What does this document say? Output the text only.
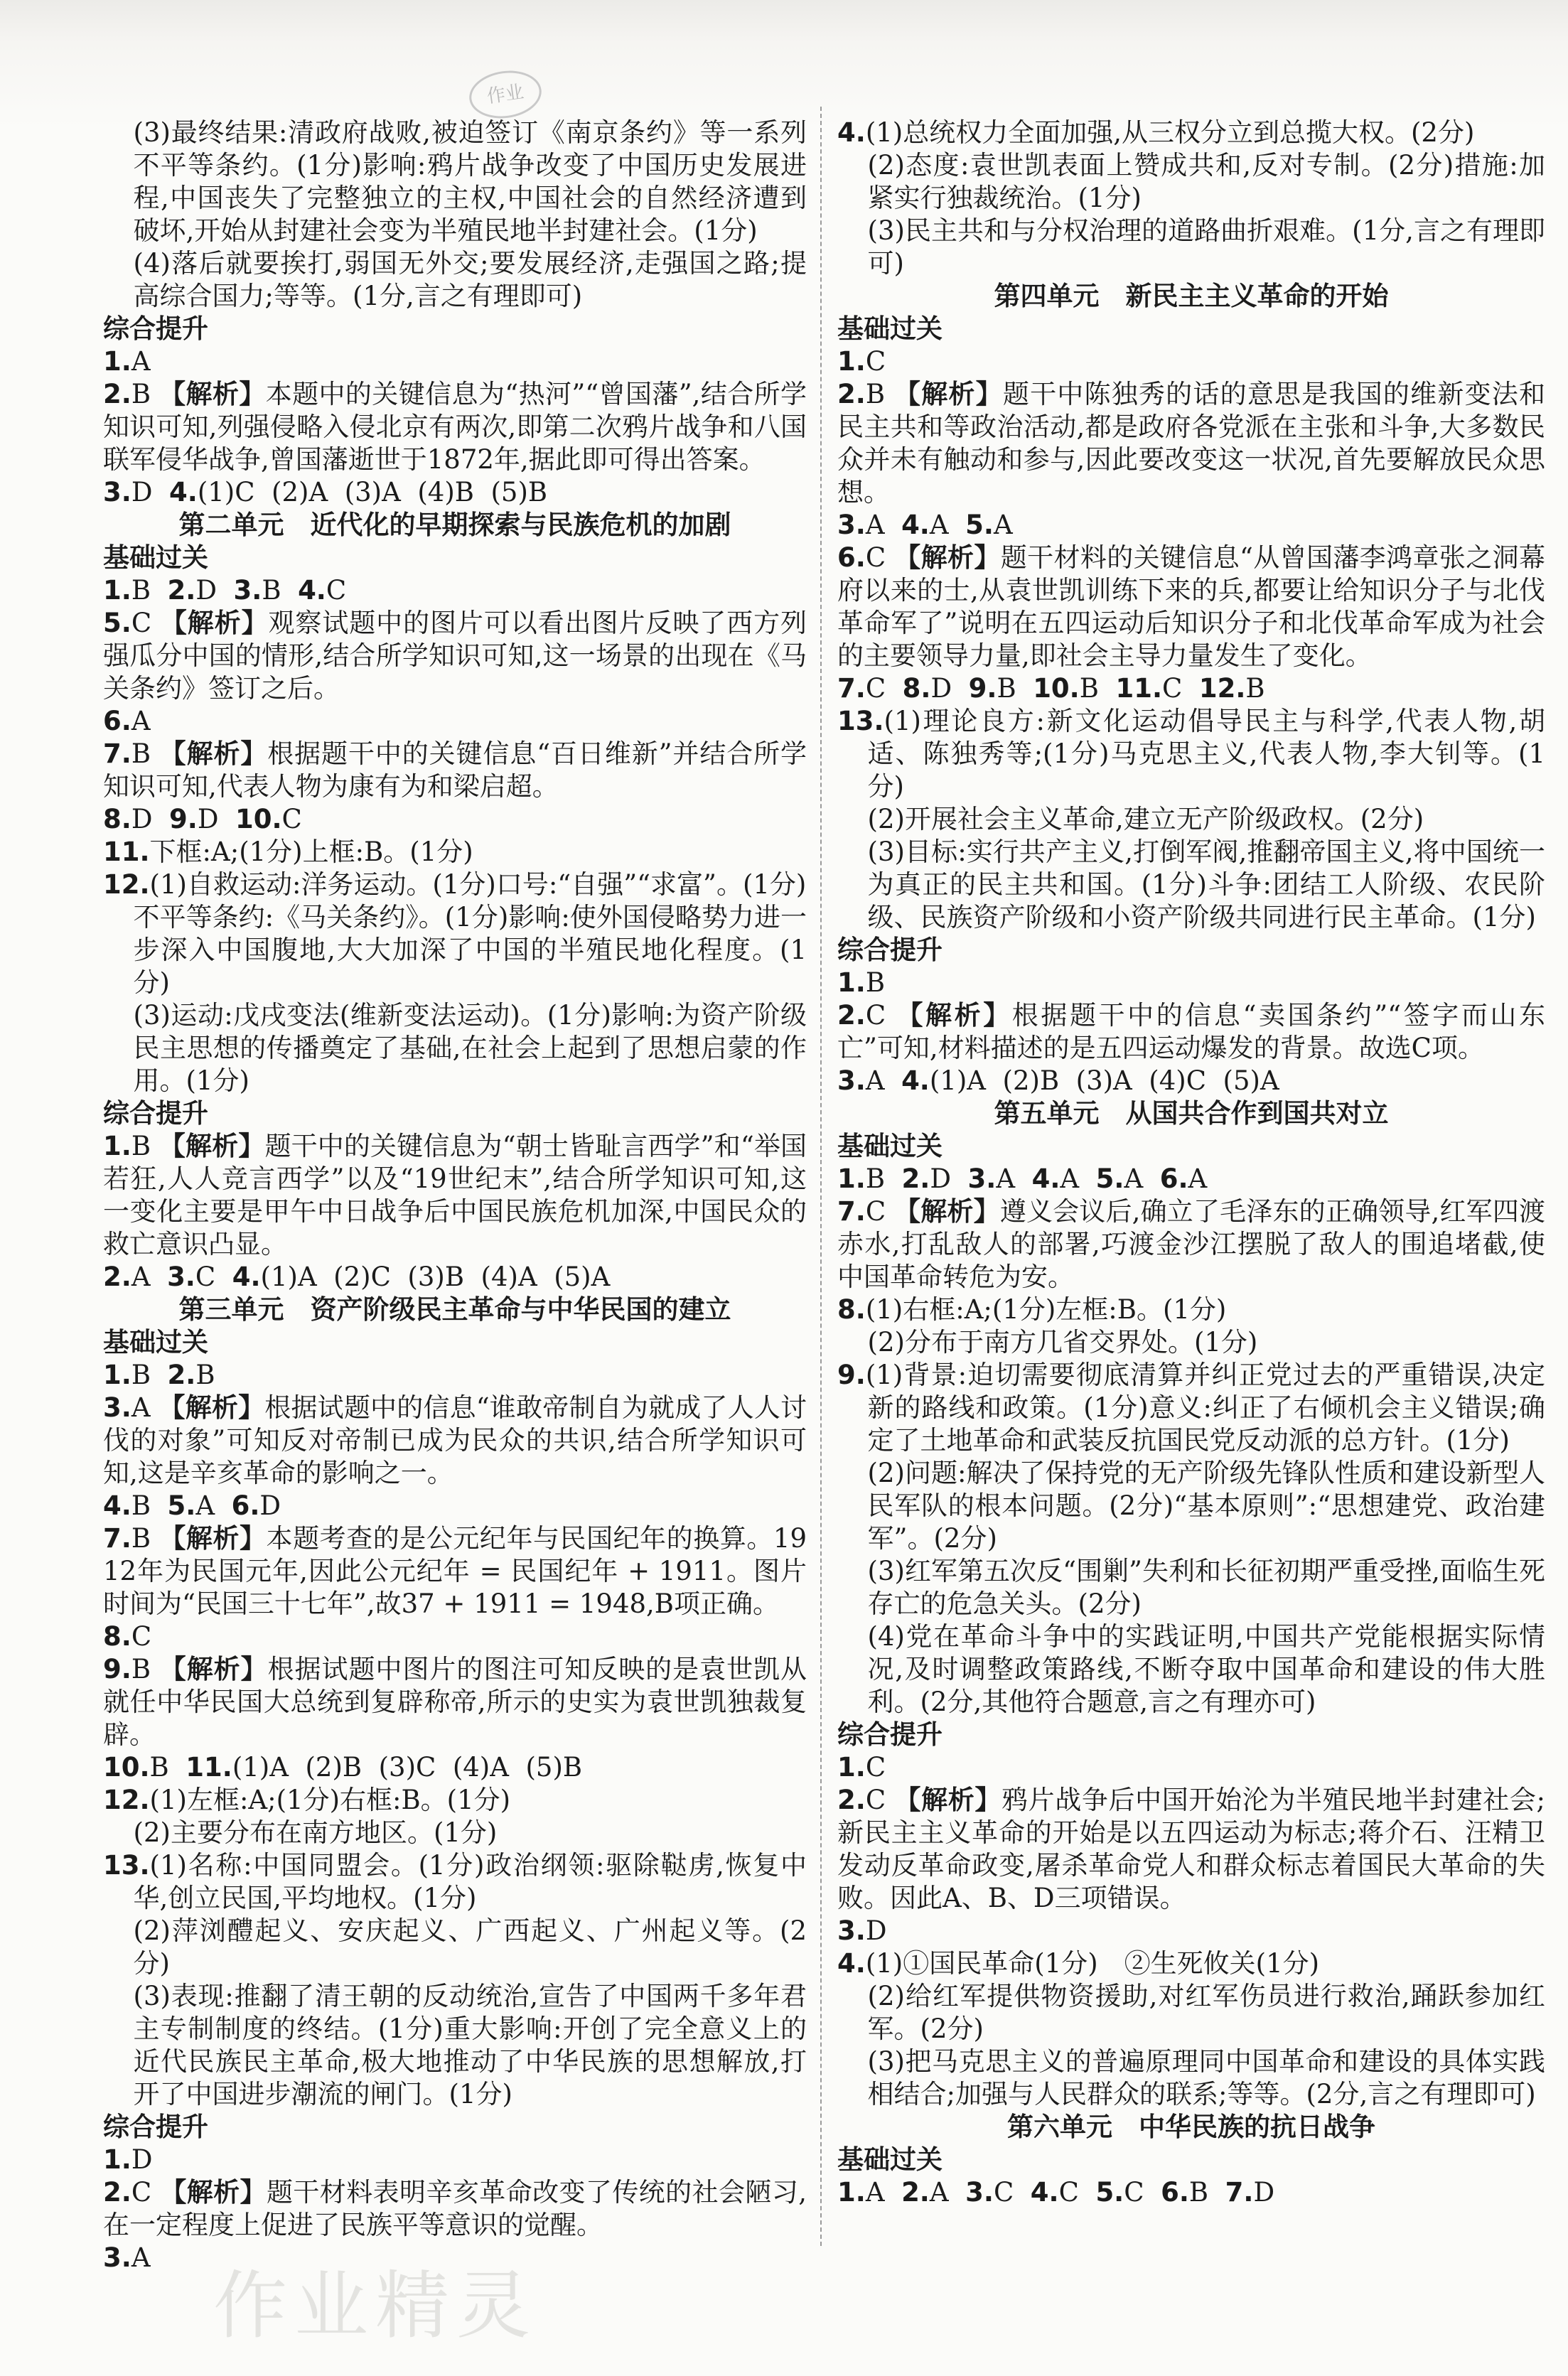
作业

(3)最终结果:清政府战败,被迫签订《南京条约》等一系列不平等条约。(1分)影响:鸦片战争改变了中国历史发展进程,中国丧失了完整独立的主权,中国社会的自然经济遭到破坏,开始从封建社会变为半殖民地半封建社会。(1分)

(4)落后就要挨打,弱国无外交;要发展经济,走强国之路;提高综合国力;等等。(1分,言之有理即可)

综合提升

1.A

2.B 【解析】本题中的关键信息为“热河”“曾国藩”,结合所学知识可知,列强侵略入侵北京有两次,即第二次鸦片战争和八国联军侵华战争,曾国藩逝世于1872年,据此即可得出答案。

3.D  4.(1)C  (2)A  (3)A  (4)B  (5)B

第二单元　近代化的早期探索与民族危机的加剧

基础过关

1.B  2.D  3.B  4.C

5.C 【解析】观察试题中的图片可以看出图片反映了西方列强瓜分中国的情形,结合所学知识可知,这一场景的出现在《马关条约》签订之后。

6.A

7.B 【解析】根据题干中的关键信息“百日维新”并结合所学知识可知,代表人物为康有为和梁启超。

8.D  9.D  10.C

11.下框:A;(1分)上框:B。(1分)

12.(1)自救运动:洋务运动。(1分)口号:“自强”“求富”。(1分)

不平等条约:《马关条约》。(1分)影响:使外国侵略势力进一步深入中国腹地,大大加深了中国的半殖民地化程度。(1分)

(3)运动:戊戌变法(维新变法运动)。(1分)影响:为资产阶级民主思想的传播奠定了基础,在社会上起到了思想启蒙的作用。(1分)

综合提升

1.B 【解析】题干中的关键信息为“朝士皆耻言西学”和“举国若狂,人人竞言西学”以及“19世纪末”,结合所学知识可知,这一变化主要是甲午中日战争后中国民族危机加深,中国民众的救亡意识凸显。

2.A  3.C  4.(1)A  (2)C  (3)B  (4)A  (5)A

第三单元　资产阶级民主革命与中华民国的建立

基础过关

1.B  2.B

3.A 【解析】根据试题中的信息“谁敢帝制自为就成了人人讨伐的对象”可知反对帝制已成为民众的共识,结合所学知识可知,这是辛亥革命的影响之一。

4.B  5.A  6.D

7.B 【解析】本题考查的是公元纪年与民国纪年的换算。1912年为民国元年,因此公元纪年 = 民国纪年 + 1911。图片时间为“民国三十七年”,故37 + 1911 = 1948,B项正确。

8.C

9.B 【解析】根据试题中图片的图注可知反映的是袁世凯从就任中华民国大总统到复辟称帝,所示的史实为袁世凯独裁复辟。

10.B  11.(1)A  (2)B  (3)C  (4)A  (5)B

12.(1)左框:A;(1分)右框:B。(1分)

(2)主要分布在南方地区。(1分)

13.(1)名称:中国同盟会。(1分)政治纲领:驱除鞑虏,恢复中华,创立民国,平均地权。(1分)

(2)萍浏醴起义、安庆起义、广西起义、广州起义等。(2分)

(3)表现:推翻了清王朝的反动统治,宣告了中国两千多年君主专制制度的终结。(1分)重大影响:开创了完全意义上的近代民族民主革命,极大地推动了中华民族的思想解放,打开了中国进步潮流的闸门。(1分)

综合提升

1.D

2.C 【解析】题干材料表明辛亥革命改变了传统的社会陋习,在一定程度上促进了民族平等意识的觉醒。

3.A

4.(1)总统权力全面加强,从三权分立到总揽大权。(2分)

(2)态度:袁世凯表面上赞成共和,反对专制。(2分)措施:加紧实行独裁统治。(1分)

(3)民主共和与分权治理的道路曲折艰难。(1分,言之有理即可)

第四单元　新民主主义革命的开始

基础过关

1.C

2.B 【解析】题干中陈独秀的话的意思是我国的维新变法和民主共和等政治活动,都是政府各党派在主张和斗争,大多数民众并未有触动和参与,因此要改变这一状况,首先要解放民众思想。

3.A  4.A  5.A

6.C 【解析】题干材料的关键信息“从曾国藩李鸿章张之洞幕府以来的士,从袁世凯训练下来的兵,都要让给知识分子与北伐革命军了”说明在五四运动后知识分子和北伐革命军成为社会的主要领导力量,即社会主导力量发生了变化。

7.C  8.D  9.B  10.B  11.C  12.B

13.(1)理论良方:新文化运动倡导民主与科学,代表人物,胡适、陈独秀等;(1分)马克思主义,代表人物,李大钊等。(1分)

(2)开展社会主义革命,建立无产阶级政权。(2分)

(3)目标:实行共产主义,打倒军阀,推翻帝国主义,将中国统一为真正的民主共和国。(1分)斗争:团结工人阶级、农民阶级、民族资产阶级和小资产阶级共同进行民主革命。(1分)

综合提升

1.B

2.C 【解析】根据题干中的信息“卖国条约”“签字而山东亡”可知,材料描述的是五四运动爆发的背景。故选C项。

3.A  4.(1)A  (2)B  (3)A  (4)C  (5)A

第五单元　从国共合作到国共对立

基础过关

1.B  2.D  3.A  4.A  5.A  6.A

7.C 【解析】遵义会议后,确立了毛泽东的正确领导,红军四渡赤水,打乱敌人的部署,巧渡金沙江摆脱了敌人的围追堵截,使中国革命转危为安。

8.(1)右框:A;(1分)左框:B。(1分)

(2)分布于南方几省交界处。(1分)

9.(1)背景:迫切需要彻底清算并纠正党过去的严重错误,决定新的路线和政策。(1分)意义:纠正了右倾机会主义错误;确定了土地革命和武装反抗国民党反动派的总方针。(1分)

(2)问题:解决了保持党的无产阶级先锋队性质和建设新型人民军队的根本问题。(2分)“基本原则”:“思想建党、政治建军”。(2分)

(3)红军第五次反“围剿”失利和长征初期严重受挫,面临生死存亡的危急关头。(2分)

(4)党在革命斗争中的实践证明,中国共产党能根据实际情况,及时调整政策路线,不断夺取中国革命和建设的伟大胜利。(2分,其他符合题意,言之有理亦可)

综合提升

1.C

2.C 【解析】鸦片战争后中国开始沦为半殖民地半封建社会;新民主主义革命的开始是以五四运动为标志;蒋介石、汪精卫发动反革命政变,屠杀革命党人和群众标志着国民大革命的失败。因此A、B、D三项错误。

3.D

4.(1)①国民革命(1分)　②生死攸关(1分)

(2)给红军提供物资援助,对红军伤员进行救治,踊跃参加红军。(2分)

(3)把马克思主义的普遍原理同中国革命和建设的具体实践相结合;加强与人民群众的联系;等等。(2分,言之有理即可)

第六单元　中华民族的抗日战争

基础过关

1.A  2.A  3.C  4.C  5.C  6.B  7.D

作业精灵
